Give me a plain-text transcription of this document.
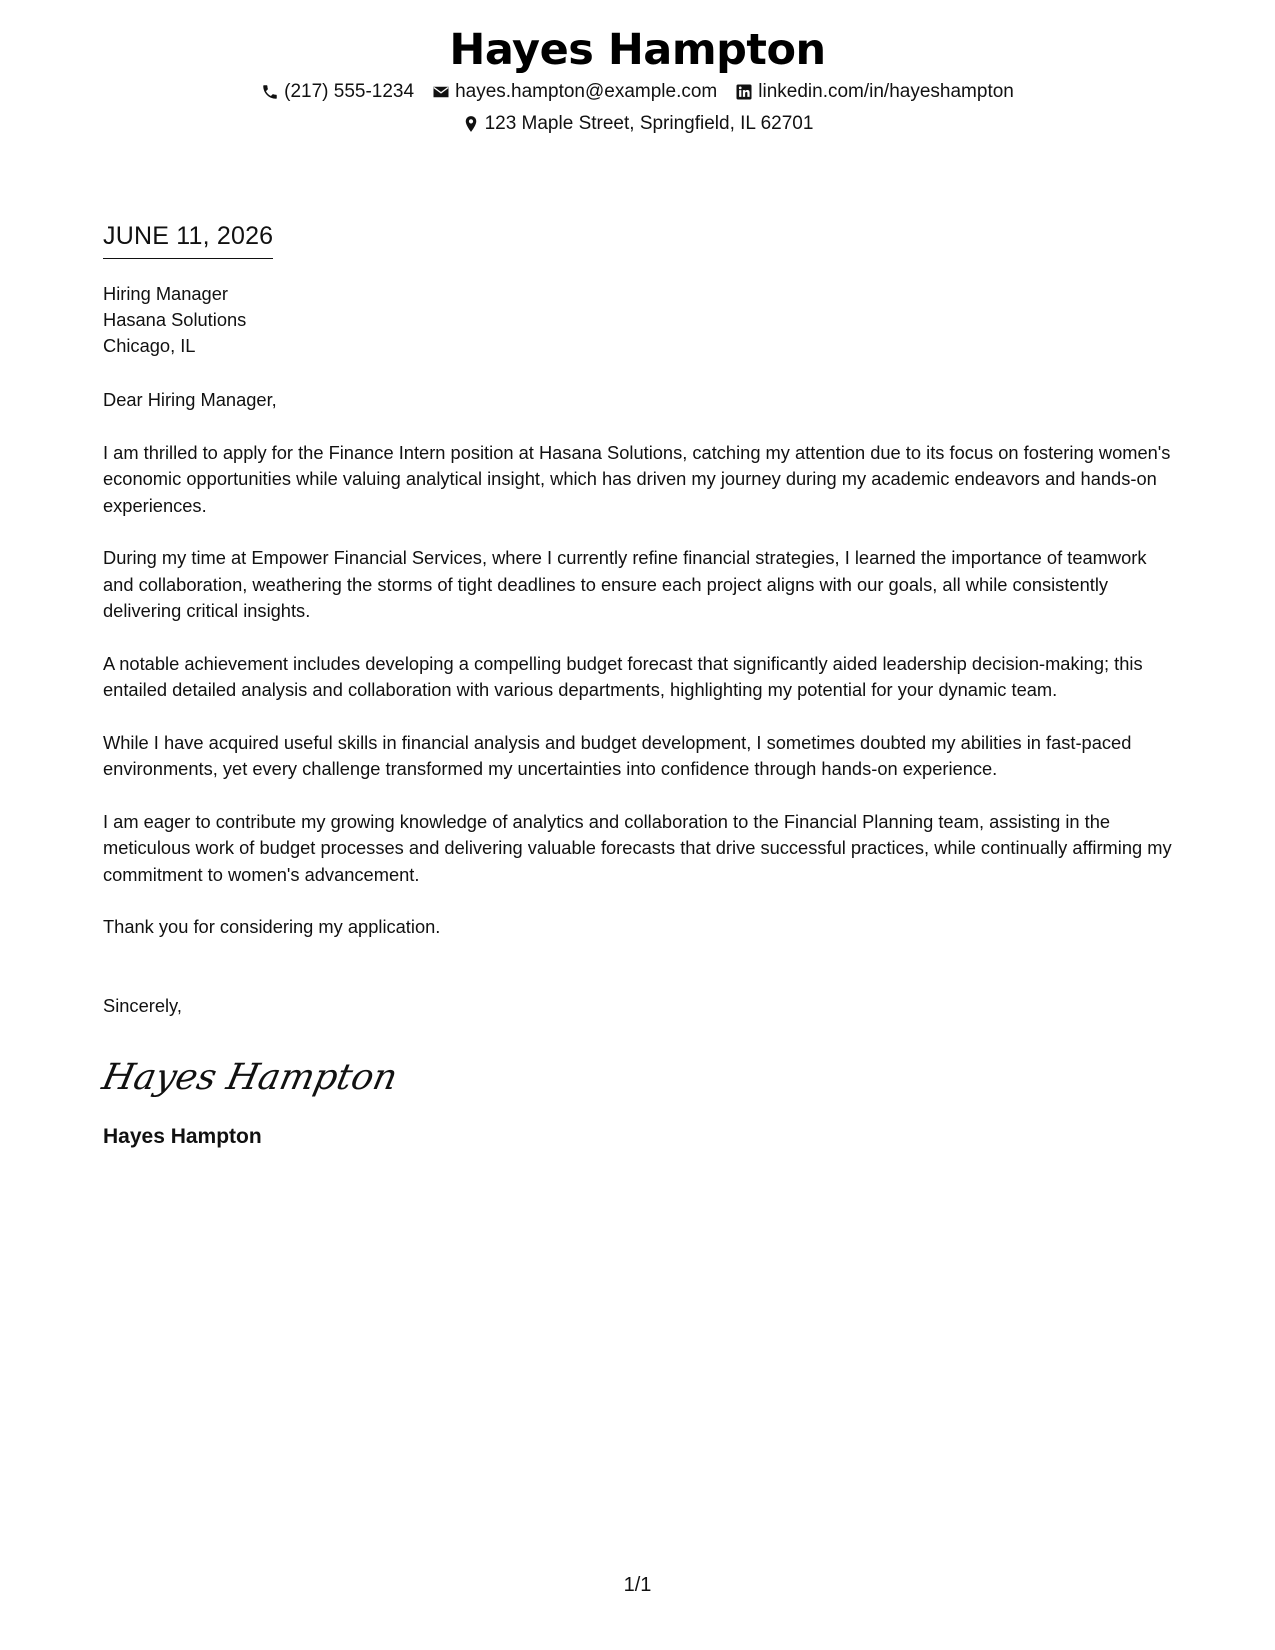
Hayes Hampton
(217) 555-1234 hayes.hampton@example.com linkedin.com/in/hayeshampton
123 Maple Street, Springfield, IL 62701
JUNE 11, 2026
Hiring Manager
Hasana Solutions
Chicago, IL
Dear Hiring Manager,
I am thrilled to apply for the Finance Intern position at Hasana Solutions, catching my attention due to its focus on fostering women's economic opportunities while valuing analytical insight, which has driven my journey during my academic endeavors and hands-on experiences.
During my time at Empower Financial Services, where I currently refine financial strategies, I learned the importance of teamwork and collaboration, weathering the storms of tight deadlines to ensure each project aligns with our goals, all while consistently delivering critical insights.
A notable achievement includes developing a compelling budget forecast that significantly aided leadership decision-making; this entailed detailed analysis and collaboration with various departments, highlighting my potential for your dynamic team.
While I have acquired useful skills in financial analysis and budget development, I sometimes doubted my abilities in fast-paced environments, yet every challenge transformed my uncertainties into confidence through hands-on experience.
I am eager to contribute my growing knowledge of analytics and collaboration to the Financial Planning team, assisting in the meticulous work of budget processes and delivering valuable forecasts that drive successful practices, while continually affirming my commitment to women's advancement.
Thank you for considering my application.
Sincerely,
Hayes Hampton
Hayes Hampton
1/1
